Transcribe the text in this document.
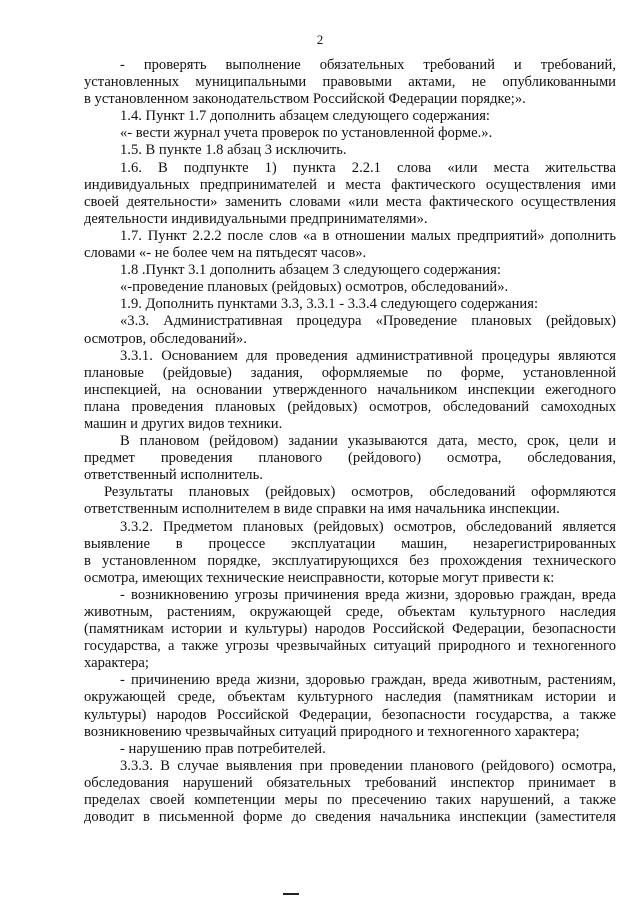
2
- проверять выполнение обязательных требований и требований,
установленных муниципальными правовыми актами, не опубликованными
в установленном законодательством Российской Федерации порядке;».
1.4. Пункт 1.7 дополнить абзацем следующего содержания:
«- вести журнал учета проверок по установленной форме.».
1.5. В пункте 1.8 абзац 3 исключить.
1.6. В подпункте 1) пункта 2.2.1 слова «или места жительства
индивидуальных предпринимателей и места фактического осуществления ими
своей деятельности» заменить словами «или места фактического осуществления
деятельности индивидуальными предпринимателями».
1.7. Пункт 2.2.2 после слов «а в отношении малых предприятий» дополнить
словами «- не более чем на пятьдесят часов».
1.8 .Пункт 3.1 дополнить абзацем 3 следующего содержания:
«-проведение плановых (рейдовых) осмотров, обследований».
1.9. Дополнить пунктами 3.3, 3.3.1 - 3.3.4 следующего содержания:
«3.3. Административная процедура «Проведение плановых (рейдовых)
осмотров, обследований».
3.3.1. Основанием для проведения административной процедуры являются
плановые (рейдовые) задания, оформляемые по форме, установленной
инспекцией, на основании утвержденного начальником инспекции ежегодного
плана проведения плановых (рейдовых) осмотров, обследований самоходных
машин и других видов техники.
В плановом (рейдовом) задании указываются дата, место, срок, цели и
предмет проведения планового (рейдового) осмотра, обследования,
ответственный исполнитель.
Результаты плановых (рейдовых) осмотров, обследований оформляются
ответственным исполнителем в виде справки на имя начальника инспекции.
3.3.2. Предметом плановых (рейдовых) осмотров, обследований является
выявление в процессе эксплуатации машин, незарегистрированных
в установленном порядке, эксплуатирующихся без прохождения технического
осмотра, имеющих технические неисправности, которые могут привести к:
- возникновению угрозы причинения вреда жизни, здоровью граждан, вреда
животным, растениям, окружающей среде, объектам культурного наследия
(памятникам истории и культуры) народов Российской Федерации, безопасности
государства, а также угрозы чрезвычайных ситуаций природного и техногенного
характера;
- причинению вреда жизни, здоровью граждан, вреда животным, растениям,
окружающей среде, объектам культурного наследия (памятникам истории и
культуры) народов Российской Федерации, безопасности государства, а также
возникновению чрезвычайных ситуаций природного и техногенного характера;
- нарушению прав потребителей.
3.3.3. В случае выявления при проведении планового (рейдового) осмотра,
обследования нарушений обязательных требований инспектор принимает в
пределах своей компетенции меры по пресечению таких нарушений, а также
доводит в письменной форме до сведения начальника инспекции (заместителя
